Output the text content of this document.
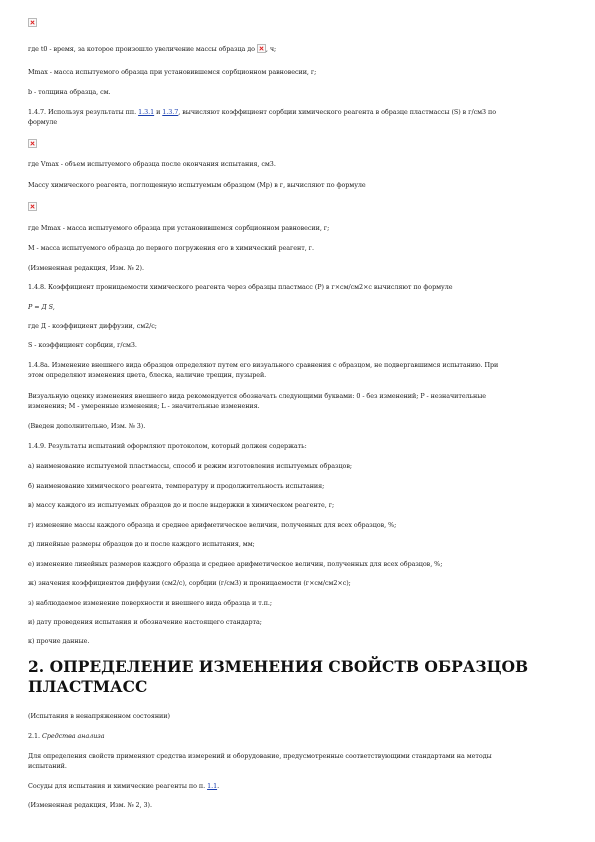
где t0 - время, за которое произошло увеличение массы образца до , ч;

Mmax - масса испытуемого образца при установившемся сорбционном равновесии, г;

b - толщина образца, см.

1.4.7. Используя результаты пп. 1.3.1 и 1.3.7, вычисляют коэффициент сорбции химического реагента в образце пластмассы (S) в г/см3 по

формуле

где Vmax - объем испытуемого образца после окончания испытания, см3.

Массу химического реагента, поглощенную испытуемым образцом (Mp) в г, вычисляют по формуле

где Mmax - масса испытуемого образца при установившемся сорбционном равновесии, г;

M - масса испытуемого образца до первого погружения его в химический реагент, г.

(Измененная редакция, Изм. № 2).

1.4.8. Коэффициент проницаемости химического реагента через образцы пластмасс (P) в г×см/см2×с вычисляют по формуле

P = Д S,

где Д - коэффициент диффузии, см2/с;

S - коэффициент сорбции, г/см3.

1.4.8а. Изменение внешнего вида образцов определяют путем его визуального сравнения с образцом, не подвергавшимся испытанию. При

этом определяют изменения цвета, блеска, наличие трещин, пузырей.

Визуальную оценку изменения внешнего вида рекомендуется обозначать следующими буквами: 0 - без изменений; Р - незначительные

изменения; М - умеренные изменения; L - значительные изменения.

(Введен дополнительно, Изм. № 3).

1.4.9. Результаты испытаний оформляют протоколом, который должен содержать:

а) наименование испытуемой пластмассы, способ и режим изготовления испытуемых образцов;

б) наименование химического реагента, температуру и продолжительность испытания;

в) массу каждого из испытуемых образцов до и после выдержки в химическом реагенте, г;

г) изменение массы каждого образца и среднее арифметическое величин, полученных для всех образцов, %;

д) линейные размеры образцов до и после каждого испытания, мм;

е) изменение линейных размеров каждого образца и среднее арифметическое величин, полученных для всех образцов, %;

ж) значения коэффициентов диффузии (см2/с), сорбции (г/см3) и проницаемости (г×см/см2×с);

з) наблюдаемое изменение поверхности и внешнего вида образца и т.п.;

и) дату проведения испытания и обозначение настоящего стандарта;

к) прочие данные.

2. ОПРЕДЕЛЕНИЕ ИЗМЕНЕНИЯ СВОЙСТВ ОБРАЗЦОВ ПЛАСТМАСС

(Испытания в ненапряженном состоянии)

2.1. Средства анализа

Для определения свойств применяют средства измерений и оборудование, предусмотренные соответствующими стандартами на методы

испытаний.

Сосуды для испытания и химические реагенты по п. 1.1.

(Измененная редакция, Изм. № 2, 3).
